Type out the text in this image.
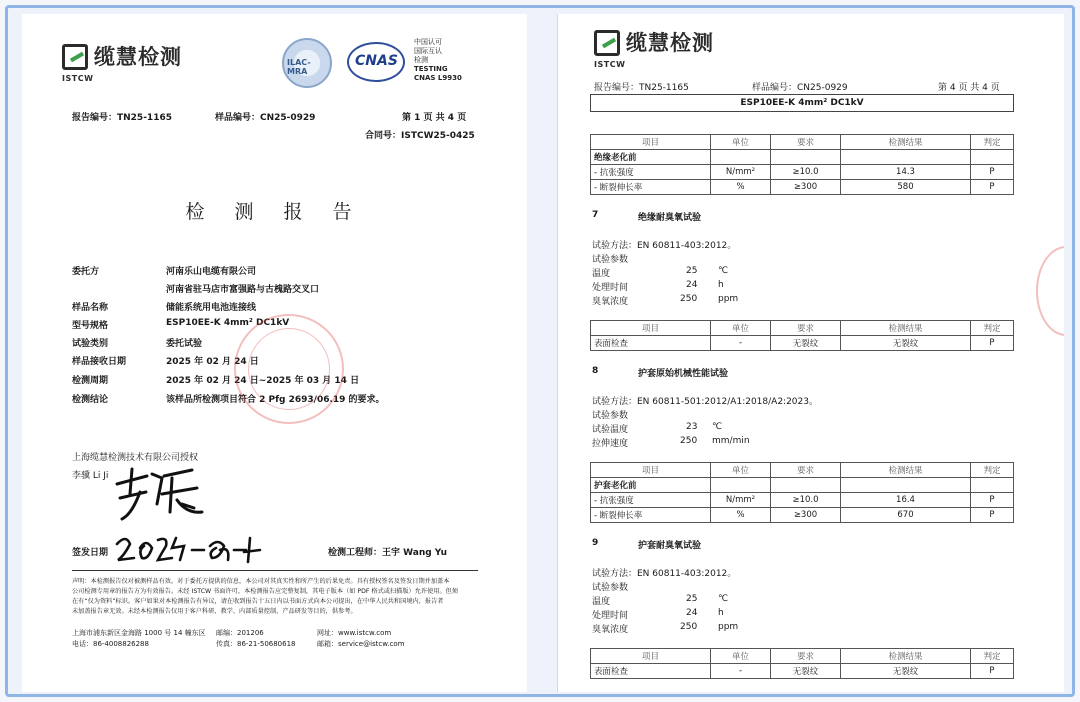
缆慧检测
ISTCW
ILAC-MRA
CNAS
中国认可
国际互认
检测
TESTING
CNAS L9930
报告编号：TN25-1165	样品编号：CN25-0929	第 1 页 共 4 页
合同号：ISTCW25-0425
检 测 报 告
委托方	河南乐山电缆有限公司
河南省驻马店市富强路与古槐路交叉口
样品名称	储能系统用电池连接线
型号规格	ESP10EE-K 4mm² DC1kV
试验类别	委托试验
样品接收日期	2025 年 02 月 24 日
检测周期	2025 年 02 月 24 日~2025 年 03 月 14 日
检测结论	该样品所检测项目符合 2 Pfg 2693/06.19 的要求。
上海缆慧检测技术有限公司授权
李骥 Li Ji
签发日期	检测工程师：王宇 Wang Yu
声明：本检测报告仅对被测样品有效。对于委托方提供的信息，本公司对其真实性和所产生的后果免责。具有授权签名及签发日期并加盖本
公司检测专用章的报告方为有效报告。未经 ISTCW 书面许可，本检测报告应完整复制，其电子版本（如 PDF 格式或扫描版）允许使用。但须
在有“仅为资料”标识。客户如果对本检测报告有异议，请在收到报告十五日内以书面方式向本公司提出，在中华人民共和国境内，报告者
未加盖报告章无效。未经本检测报告仅用于客户科研、教学、内部质量控制、产品研发等目的，供参考。
上海市浦东新区金海路 1000 号 14 幢东区 邮编：201206	网址：www.istcw.com
电话：86-4008826288	传真：86-21-50680618	邮箱：service@istcw.com
缆慧检测
ISTCW
报告编号：TN25-1165	样品编号：CN25-0929	第 4 页 共 4 页
ESP10EE-K 4mm² DC1kV
项目	单位	要求	检测结果	判定
绝缘老化前				
- 抗张强度	N/mm²	≥10.0	14.3	P
- 断裂伸长率	%	≥300	580	P
7	绝缘耐臭氧试验
试验方法：EN 60811-403:2012。
试验参数
温度	25 ℃
处理时间	24 h
臭氧浓度	250 ppm
项目	单位	要求	检测结果	判定
表面检查	-	无裂纹	无裂纹	P
8	护套原始机械性能试验
试验方法：EN 60811-501:2012/A1:2018/A2:2023。
试验参数
试验温度	23 ℃
拉伸速度	250 mm/min
项目	单位	要求	检测结果	判定
护套老化前				
- 抗张强度	N/mm²	≥10.0	16.4	P
- 断裂伸长率	%	≥300	670	P
9	护套耐臭氧试验
试验方法：EN 60811-403:2012。
试验参数
温度	25 ℃
处理时间	24 h
臭氧浓度	250 ppm
项目	单位	要求	检测结果	判定
表面检查	-	无裂纹	无裂纹	P
